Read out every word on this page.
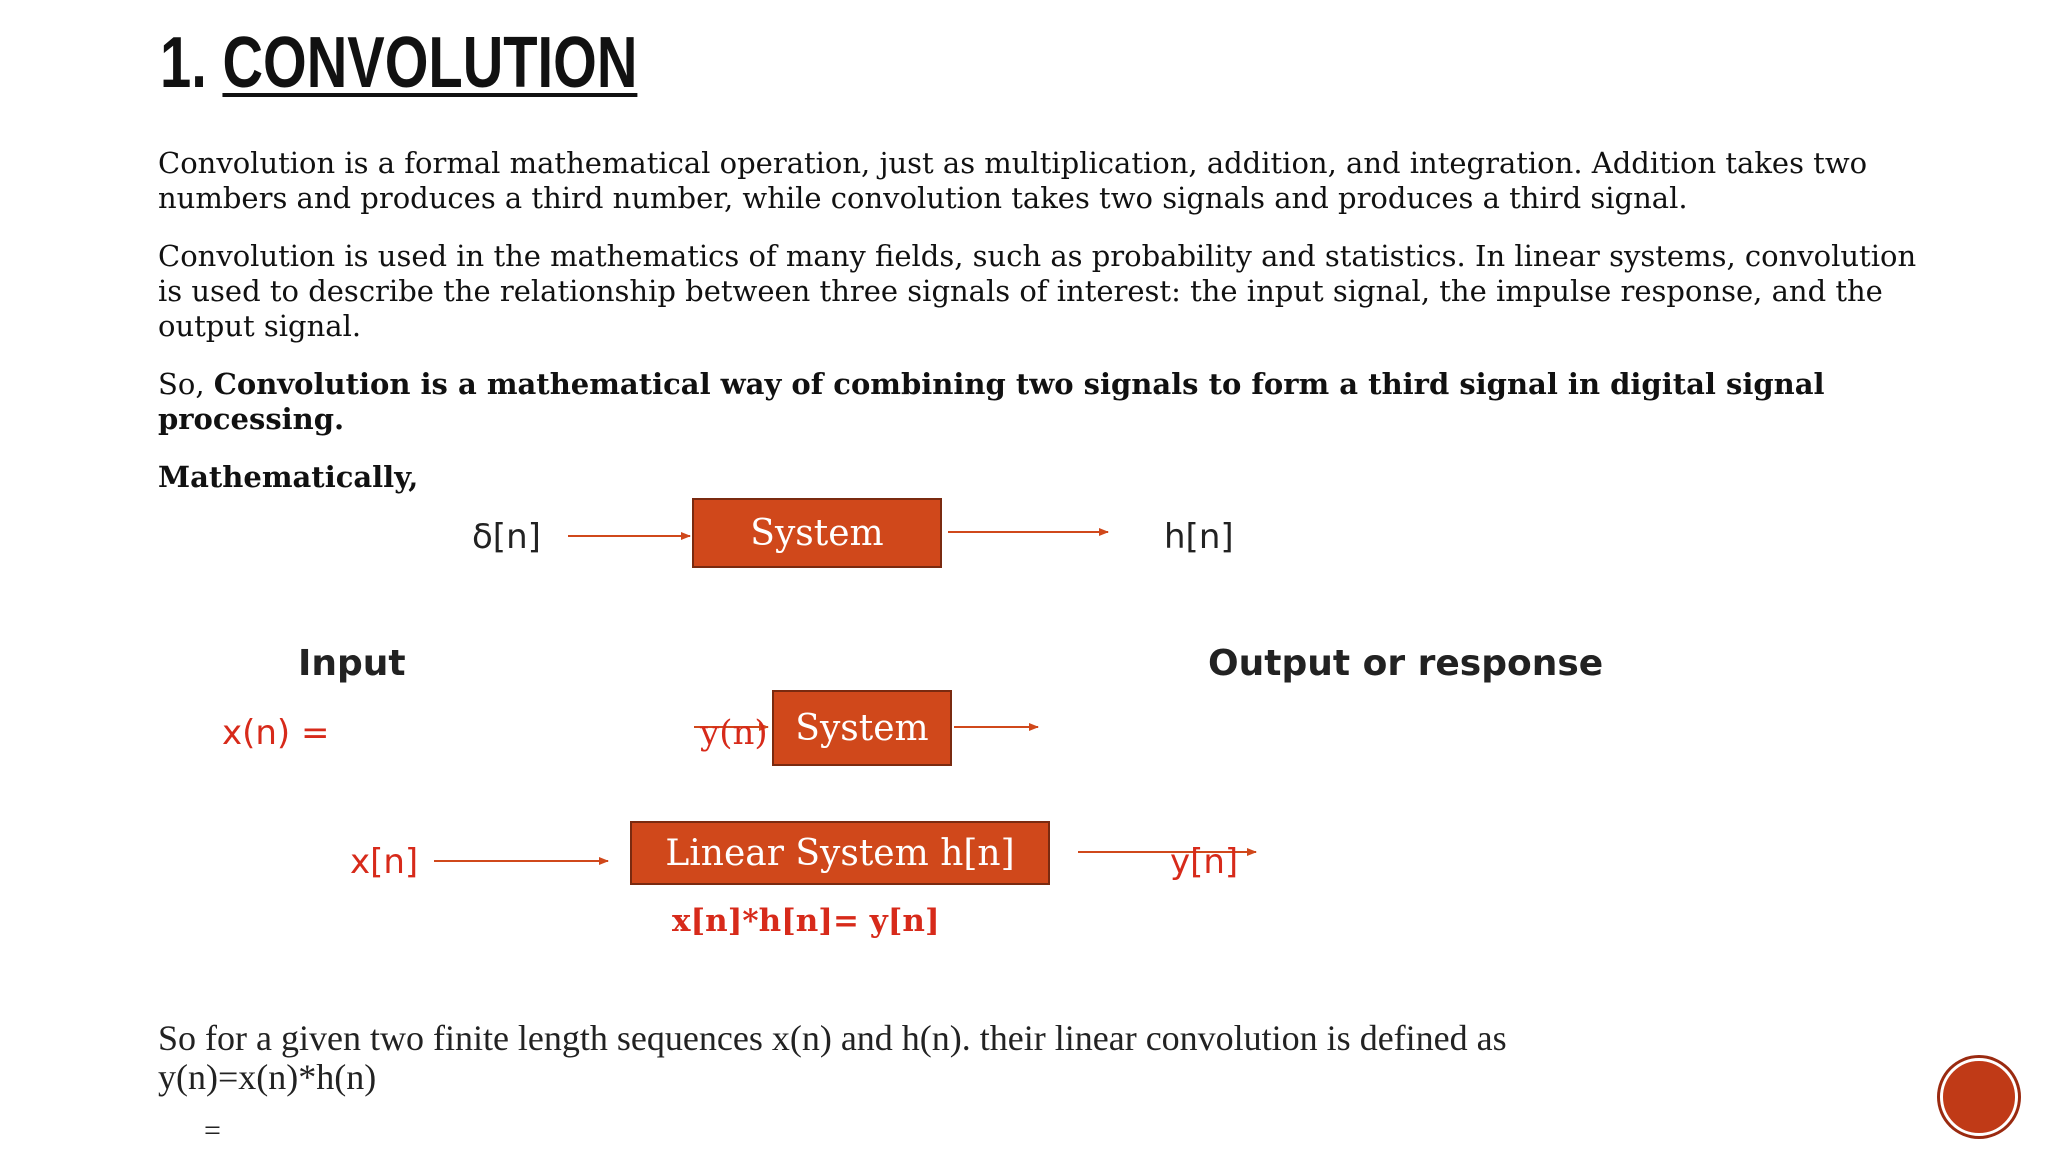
1. CONVOLUTION
Convolution is a formal mathematical operation, just as multiplication, addition, and integration. Addition takes two numbers and produces a third number, while convolution takes two signals and produces a third signal.
Convolution is used in the mathematics of many fields, such as probability and statistics. In linear systems, convolution is used to describe the relationship between three signals of interest: the input signal, the impulse response, and the output signal.
So, Convolution is a mathematical way of combining two signals to form a third signal in digital signal processing.
Mathematically,
δ[n]	System	h[n]
Input	Output or response
x(n) =	System
y(n)
x[n]	Linear System h[n]	y[n]
x[n]*h[n]= y[n]
So for a given two finite length sequences x(n) and h(n). their linear convolution is defined as
y(n)=x(n)*h(n)
=
